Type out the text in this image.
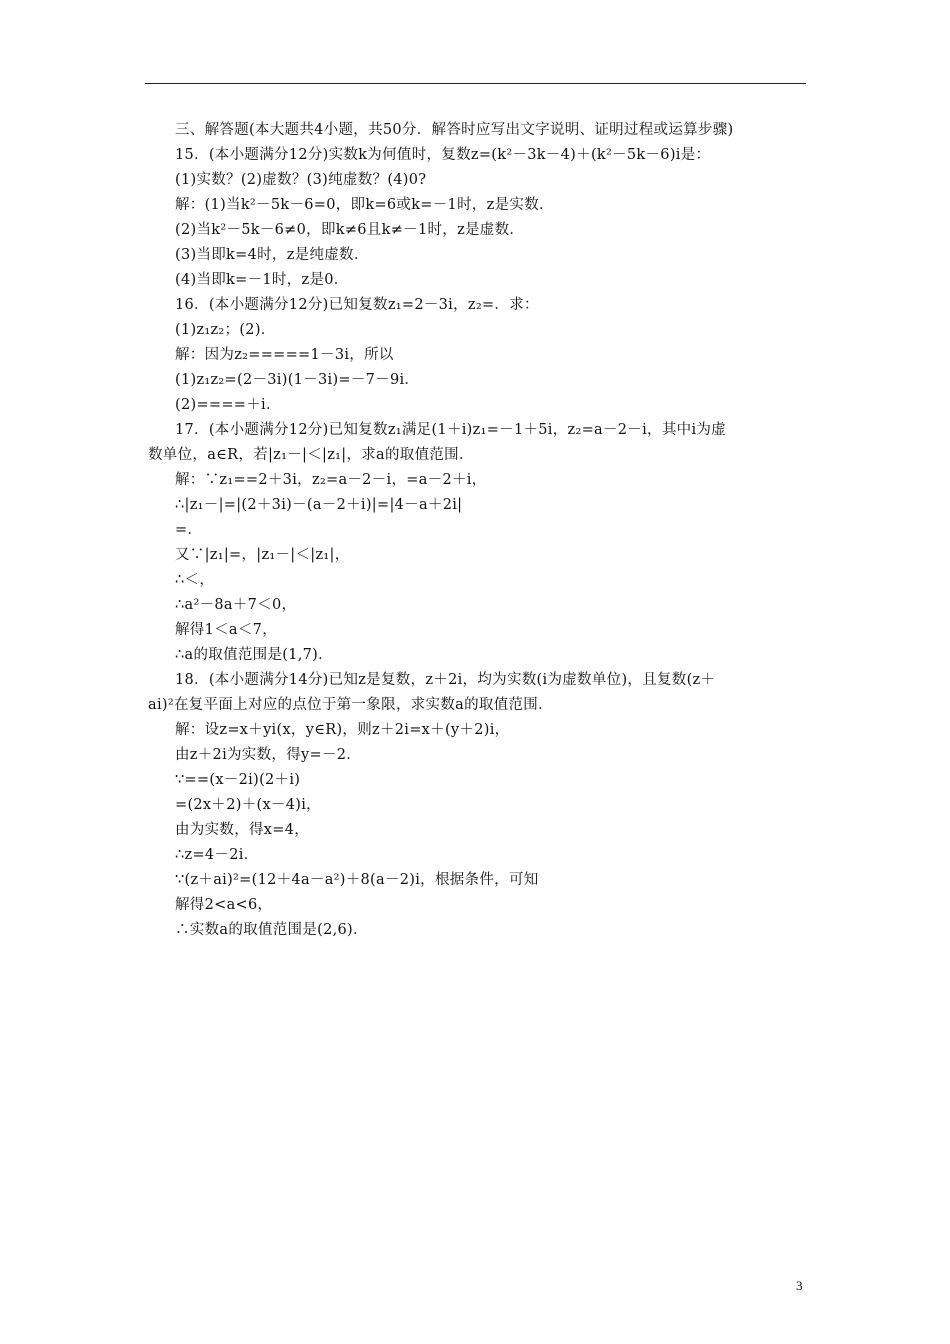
三、解答题(本大题共4小题，共50分．解答时应写出文字说明、证明过程或运算步骤)
15．(本小题满分12分)实数k为何值时，复数z=(k²－3k－4)＋(k²－5k－6)i是：
(1)实数？(2)虚数？(3)纯虚数？(4)0?
解：(1)当k²－5k－6=0，即k=6或k=－1时，z是实数．
(2)当k²－5k－6≠0，即k≠6且k≠－1时，z是虚数．
(3)当即k=4时，z是纯虚数．
(4)当即k=－1时，z是0．
16．(本小题满分12分)已知复数z₁=2－3i，z₂=．求：
(1)z₁z₂；(2)．
解：因为z₂=====1－3i，所以
(1)z₁z₂=(2－3i)(1－3i)=－7－9i．
(2)====＋i．
17．(本小题满分12分)已知复数z₁满足(1＋i)z₁=－1＋5i，z₂=a－2－i，其中i为虚
数单位，a∈R，若|z₁－|＜|z₁|，求a的取值范围．
解：∵z₁==2＋3i，z₂=a－2－i，=a－2＋i，
∴|z₁－|=|(2＋3i)－(a－2＋i)|=|4－a＋2i|
=．
又∵|z₁|=，|z₁－|＜|z₁|，
∴＜，
∴a²－8a＋7＜0，
解得1＜a＜7，
∴a的取值范围是(1,7)．
18．(本小题满分14分)已知z是复数，z＋2i，均为实数(i为虚数单位)，且复数(z＋
ai)²在复平面上对应的点位于第一象限，求实数a的取值范围．
解：设z=x＋yi(x，y∈R)，则z＋2i=x＋(y＋2)i，
由z＋2i为实数，得y=－2．
∵==(x－2i)(2＋i)
=(2x＋2)＋(x－4)i，
由为实数，得x=4，
∴z=4－2i．
∵(z＋ai)²=(12＋4a－a²)＋8(a－2)i，根据条件，可知
解得2<a<6，
∴实数a的取值范围是(2,6)．
3
